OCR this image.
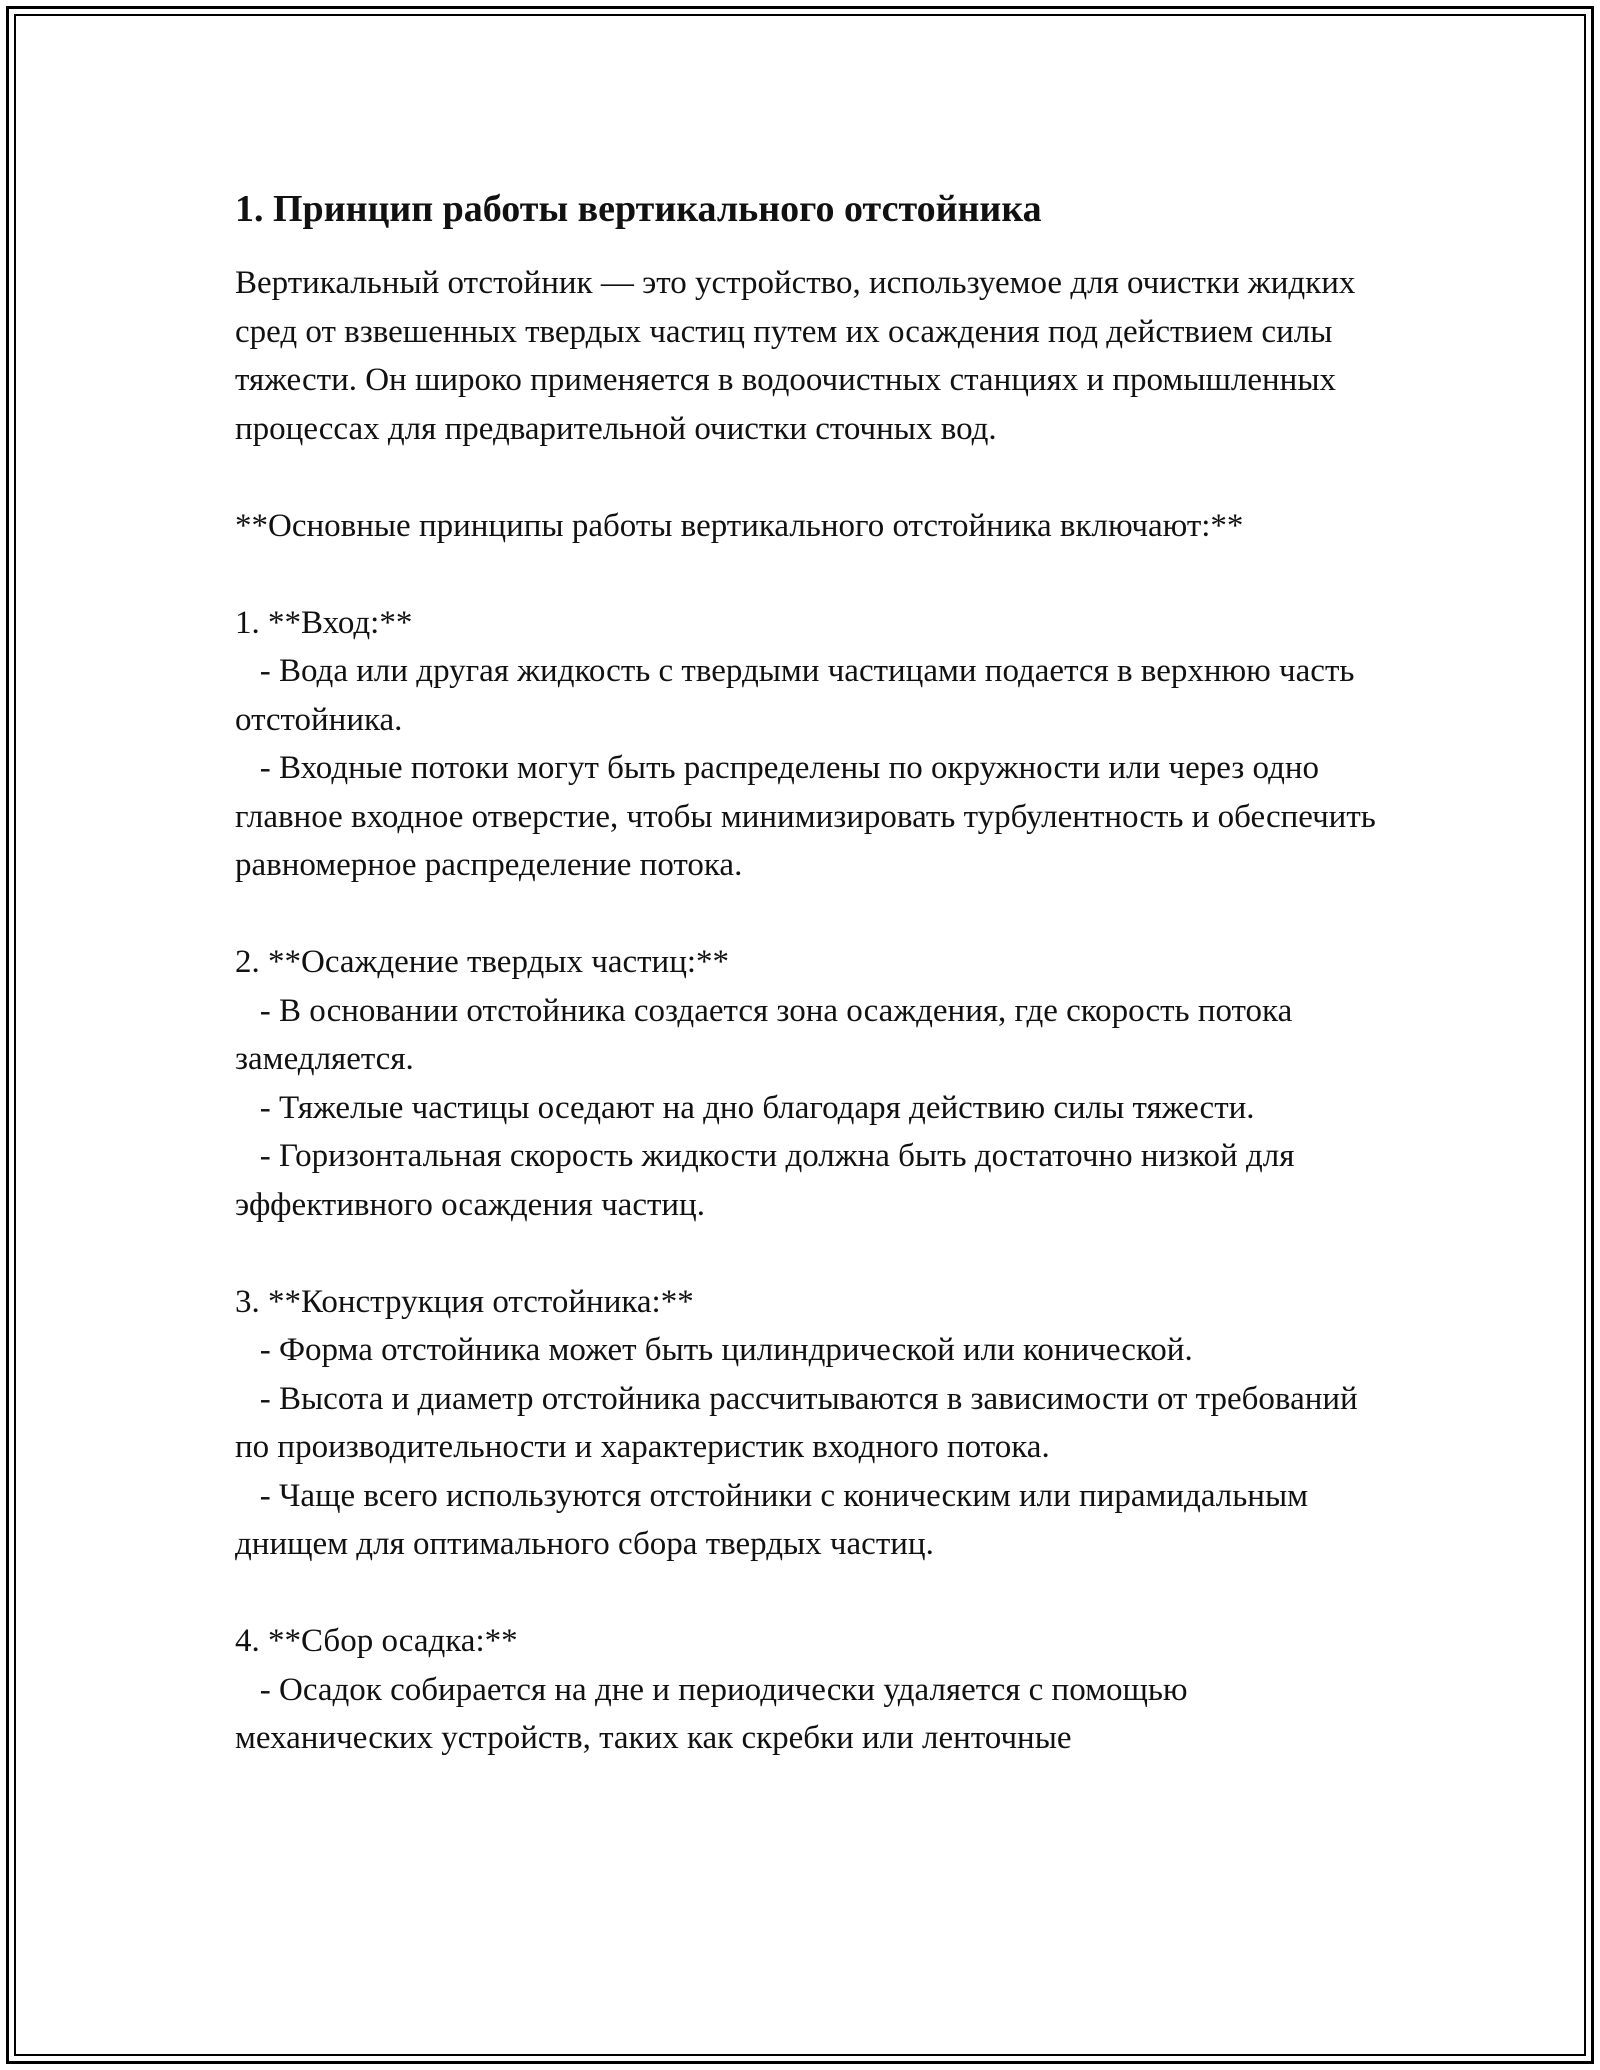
1. Принцип работы вертикального отстойника

Вертикальный отстойник — это устройство, используемое для очистки жидких сред от взвешенных твердых частиц путем их осаждения под действием силы тяжести. Он широко применяется в водоочистных станциях и промышленных процессах для предварительной очистки сточных вод.

**Основные принципы работы вертикального отстойника включают:**

1. **Вход:**

- Вода или другая жидкость с твердыми частицами подается в верхнюю часть отстойника.

- Входные потоки могут быть распределены по окружности или через одно главное входное отверстие, чтобы минимизировать турбулентность и обеспечить равномерное распределение потока.

2. **Осаждение твердых частиц:**

- В основании отстойника создается зона осаждения, где скорость потока замедляется.

- Тяжелые частицы оседают на дно благодаря действию силы тяжести.

- Горизонтальная скорость жидкости должна быть достаточно низкой для эффективного осаждения частиц.

3. **Конструкция отстойника:**

- Форма отстойника может быть цилиндрической или конической.

- Высота и диаметр отстойника рассчитываются в зависимости от требований по производительности и характеристик входного потока.

- Чаще всего используются отстойники с коническим или пирамидальным днищем для оптимального сбора твердых частиц.

4. **Сбор осадка:**

- Осадок собирается на дне и периодически удаляется с помощью механических устройств, таких как скребки или ленточные
